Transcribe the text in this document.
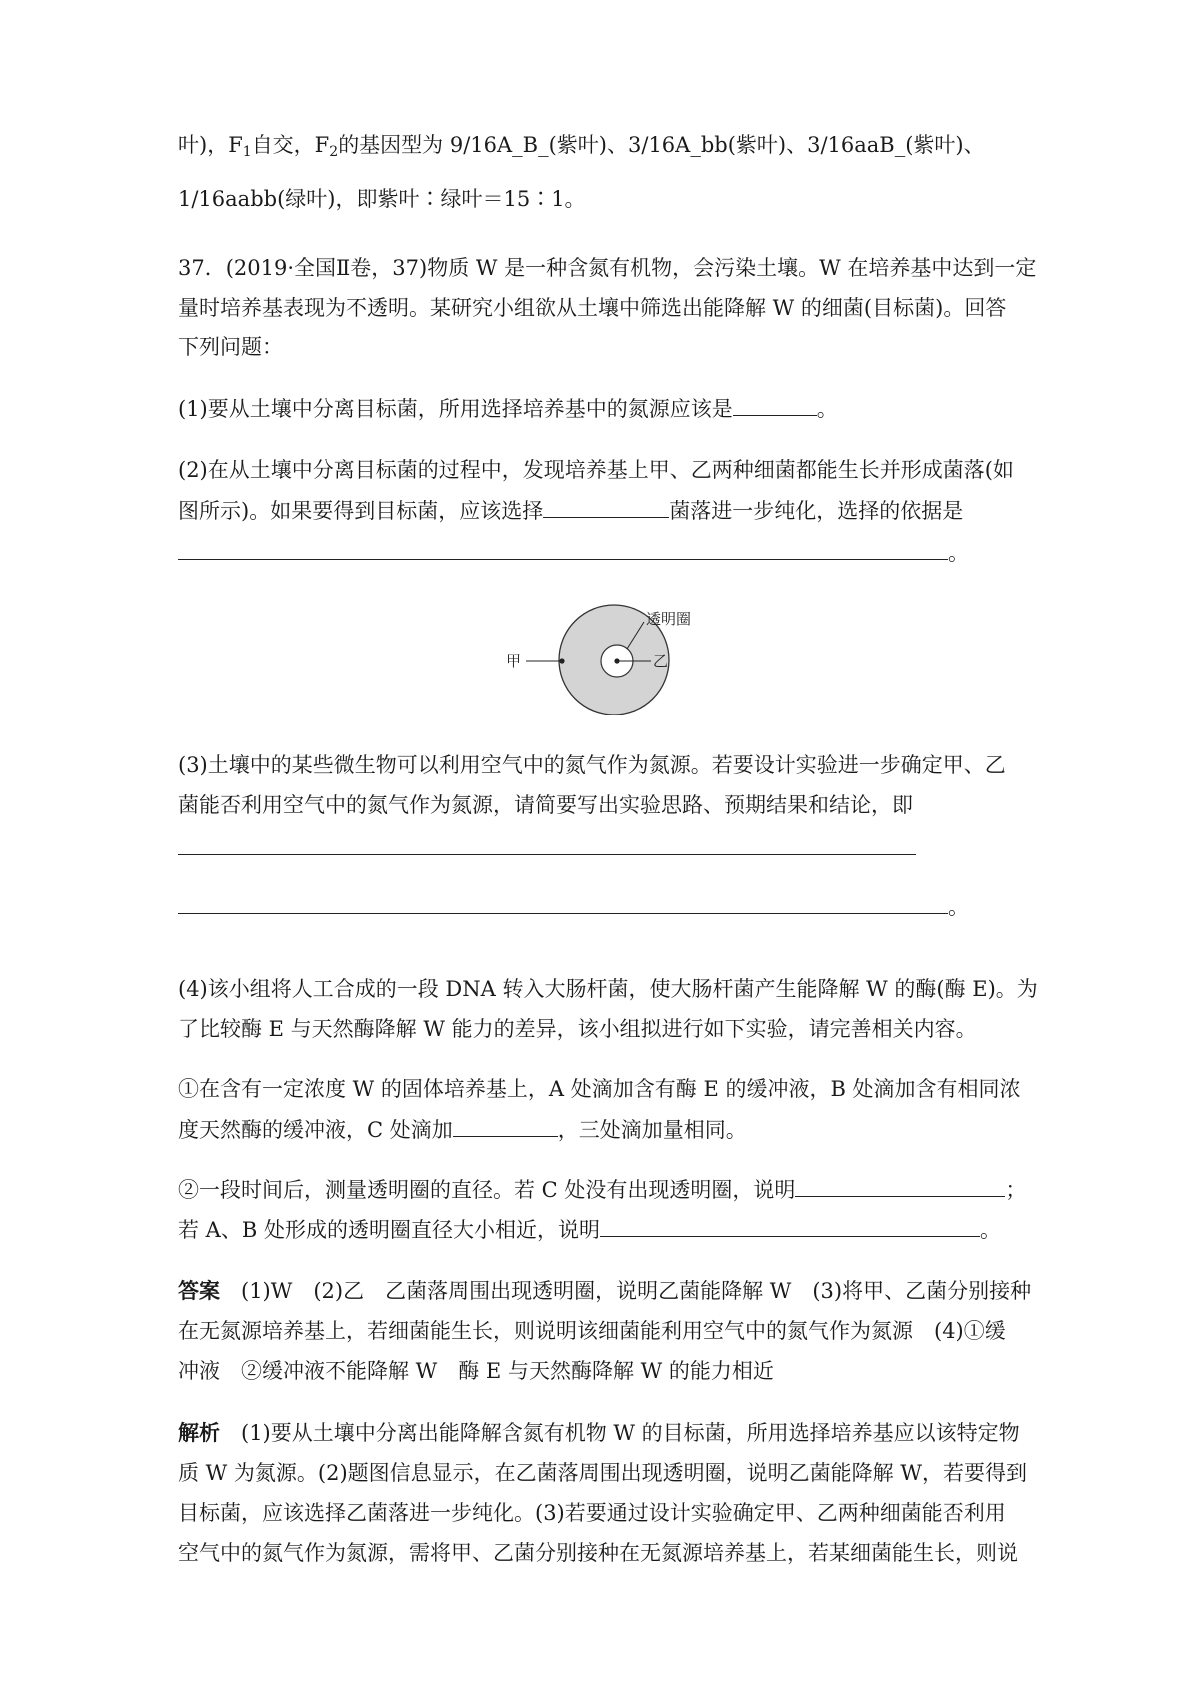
叶)，$F_1$自交，$F_2$的基因型为 9/16A_B_(紫叶)、3/16A_bb(紫叶)、3/16aaB_(紫叶)、
1/16aabb(绿叶)，即紫叶∶绿叶＝15∶1。
37．(2019·全国Ⅱ卷，37)物质 W 是一种含氮有机物，会污染土壤。W 在培养基中达到一定
量时培养基表现为不透明。某研究小组欲从土壤中筛选出能降解 W 的细菌(目标菌)。回答
下列问题：
(1)要从土壤中分离目标菌，所用选择培养基中的氮源应该是	。
(2)在从土壤中分离目标菌的过程中，发现培养基上甲、乙两种细菌都能生长并形成菌落(如
图所示)。如果要得到目标菌，应该选择	菌落进一步纯化，选择的依据是
。
透明圈
甲	乙
(3)土壤中的某些微生物可以利用空气中的氮气作为氮源。若要设计实验进一步确定甲、乙
菌能否利用空气中的氮气作为氮源，请简要写出实验思路、预期结果和结论，即
。
(4)该小组将人工合成的一段 DNA 转入大肠杆菌，使大肠杆菌产生能降解 W 的酶(酶 E)。为
了比较酶 E 与天然酶降解 W 能力的差异，该小组拟进行如下实验，请完善相关内容。
①在含有一定浓度 W 的固体培养基上，A 处滴加含有酶 E 的缓冲液，B 处滴加含有相同浓
度天然酶的缓冲液，C 处滴加	，三处滴加量相同。
②一段时间后，测量透明圈的直径。若 C 处没有出现透明圈，说明	；
若 A、B 处形成的透明圈直径大小相近，说明	。
答案　 (1)W　(2)乙　乙菌落周围出现透明圈，说明乙菌能降解 W　(3)将甲、乙菌分别接种
在无氮源培养基上，若细菌能生长，则说明该细菌能利用空气中的氮气作为氮源　(4)①缓
冲液　②缓冲液不能降解 W　酶 E 与天然酶降解 W 的能力相近
解析　 (1)要从土壤中分离出能降解含氮有机物 W 的目标菌，所用选择培养基应以该特定物
质 W 为氮源。(2)题图信息显示，在乙菌落周围出现透明圈，说明乙菌能降解 W，若要得到
目标菌，应该选择乙菌落进一步纯化。(3)若要通过设计实验确定甲、乙两种细菌能否利用
空气中的氮气作为氮源，需将甲、乙菌分别接种在无氮源培养基上，若某细菌能生长，则说
